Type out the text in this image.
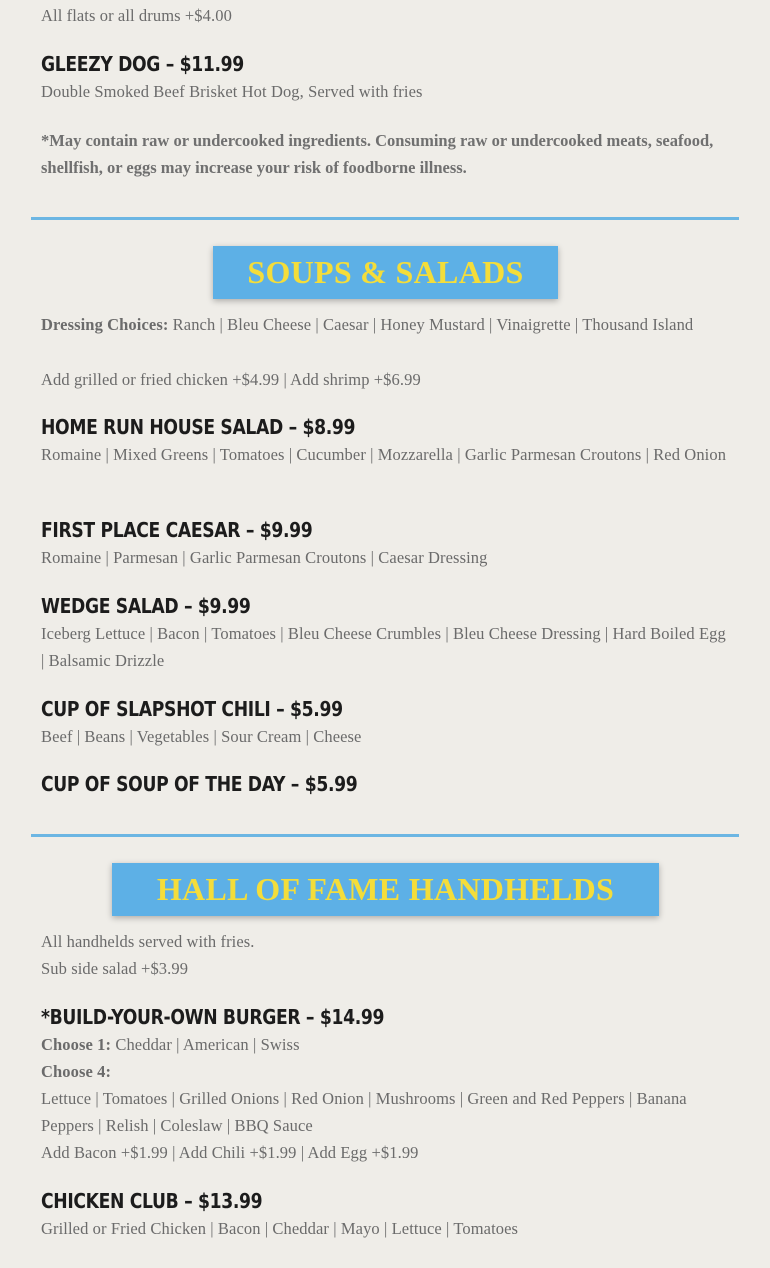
All flats or all drums +$4.00
GLEEZY DOG – $11.99
Double Smoked Beef Brisket Hot Dog, Served with fries
*May contain raw or undercooked ingredients. Consuming raw or undercooked meats, seafood, shellfish, or eggs may increase your risk of foodborne illness.
SOUPS & SALADS
Dressing Choices: Ranch | Bleu Cheese | Caesar | Honey Mustard | Vinaigrette | Thousand Island
Add grilled or fried chicken +$4.99 | Add shrimp +$6.99
HOME RUN HOUSE SALAD – $8.99
Romaine | Mixed Greens | Tomatoes | Cucumber | Mozzarella | Garlic Parmesan Croutons | Red Onion
FIRST PLACE CAESAR – $9.99
Romaine | Parmesan | Garlic Parmesan Croutons | Caesar Dressing
WEDGE SALAD – $9.99
Iceberg Lettuce | Bacon | Tomatoes | Bleu Cheese Crumbles | Bleu Cheese Dressing | Hard Boiled Egg | Balsamic Drizzle
CUP OF SLAPSHOT CHILI – $5.99
Beef | Beans | Vegetables | Sour Cream | Cheese
CUP OF SOUP OF THE DAY – $5.99
HALL OF FAME HANDHELDS
All handhelds served with fries.
Sub side salad +$3.99
*BUILD-YOUR-OWN BURGER – $14.99
Choose 1: Cheddar | American | Swiss
Choose 4:
Lettuce | Tomatoes | Grilled Onions | Red Onion | Mushrooms | Green and Red Peppers | Banana Peppers | Relish | Coleslaw | BBQ Sauce
Add Bacon +$1.99 | Add Chili +$1.99 | Add Egg +$1.99
CHICKEN CLUB – $13.99
Grilled or Fried Chicken | Bacon | Cheddar | Mayo | Lettuce | Tomatoes
